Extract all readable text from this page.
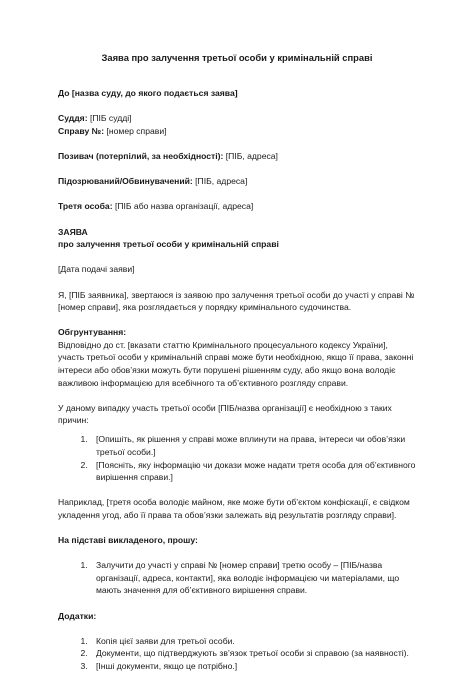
Заява про залучення третьої особи у кримінальній справі

До [назва суду, до якого подається заява]

Суддя: [ПІБ судді]

Справу №: [номер справи]

Позивач (потерпілий, за необхідності): [ПІБ, адреса]

Підозрюваний/Обвинувачений: [ПІБ, адреса]

Третя особа: [ПІБ або назва організації, адреса]

ЗАЯВА

про залучення третьої особи у кримінальній справі

[Дата подачі заяви]

Я, [ПІБ заявника], звертаюся із заявою про залучення третьої особи до участі у справі № [номер справи], яка розглядається у порядку кримінального судочинства.

Обгрунтування:

Відповідно до ст. [вказати статтю Кримінального процесуального кодексу України], участь третьої особи у кримінальній справі може бути необхідною, якщо її права, законні інтереси або обов’язки можуть бути порушені рішенням суду, або якщо вона володіє важливою інформацією для всебічного та об’єктивного розгляду справи.

У даному випадку участь третьої особи [ПІБ/назва організації] є необхідною з таких причин:

1. [Опишіть, як рішення у справі може вплинути на права, інтереси чи обов’язки третьої особи.]
2. [Поясніть, яку інформацію чи докази може надати третя особа для об’єктивного вирішення справи.]

Наприклад, [третя особа володіє майном, яке може бути об’єктом конфіскації, є свідком укладення угод, або її права та обов’язки залежать від результатів розгляду справи].

На підставі викладеного, прошу:

1. Залучити до участі у справі № [номер справи] третю особу – [ПІБ/назва організації, адреса, контакти], яка володіє інформацією чи матеріалами, що мають значення для об’єктивного вирішення справи.

Додатки:

1. Копія цієї заяви для третьої особи.
2. Документи, що підтверджують зв’язок третьої особи зі справою (за наявності).
3. [Інші документи, якщо це потрібно.]
